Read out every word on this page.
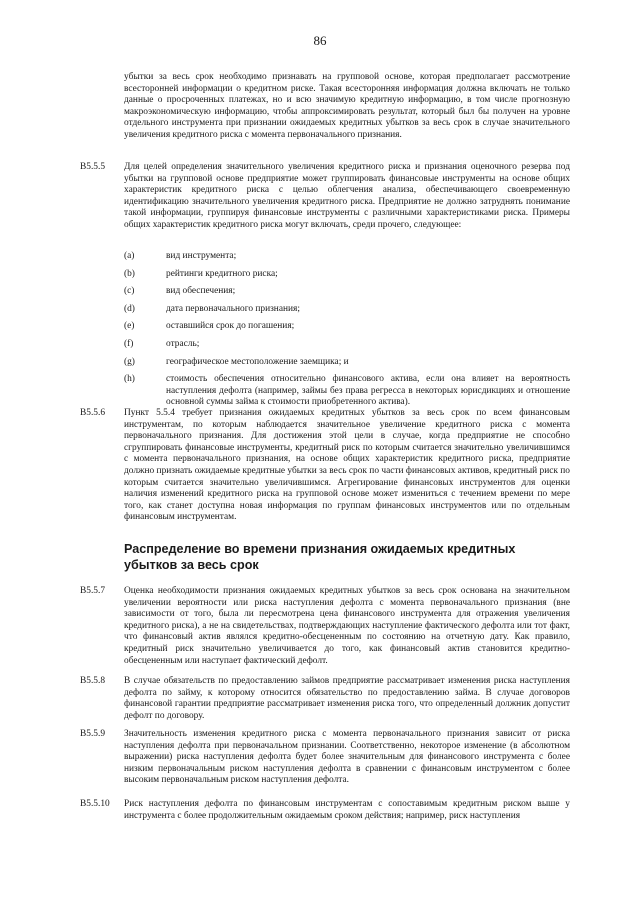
86

убытки за весь срок необходимо признавать на групповой основе, которая предполагает рассмотрение всесторонней информации о кредитном риске. Такая всесторонняя информация должна включать не только данные о просроченных платежах, но и всю значимую кредитную информацию, в том числе прогнозную макроэкономическую информацию, чтобы аппроксимировать результат, который был бы получен на уровне отдельного инструмента при признании ожидаемых кредитных убытков за весь срок в случае значительного увеличения кредитного риска с момента первоначального признания.

B5.5.5	Для целей определения значительного увеличения кредитного риска и признания оценочного резерва под убытки на групповой основе предприятие может группировать финансовые инструменты на основе общих характеристик кредитного риска с целью облегчения анализа, обеспечивающего своевременную идентификацию значительного увеличения кредитного риска. Предприятие не должно затруднять понимание такой информации, группируя финансовые инструменты с различными характеристиками риска. Примеры общих характеристик кредитного риска могут включать, среди прочего, следующее:

(a)	вид инструмента;
(b)	рейтинги кредитного риска;
(c)	вид обеспечения;
(d)	дата первоначального признания;
(e)	оставшийся срок до погашения;
(f)	отрасль;
(g)	географическое местоположение заемщика; и
(h)	стоимость обеспечения относительно финансового актива, если она влияет на вероятность наступления дефолта (например, займы без права регресса в некоторых юрисдикциях и отношение основной суммы займа к стоимости приобретенного актива).
B5.5.6	Пункт 5.5.4 требует признания ожидаемых кредитных убытков за весь срок по всем финансовым инструментам, по которым наблюдается значительное увеличение кредитного риска с момента первоначального признания. Для достижения этой цели в случае, когда предприятие не способно сгруппировать финансовые инструменты, кредитный риск по которым считается значительно увеличившимся с момента первоначального признания, на основе общих характеристик кредитного риска, предприятие должно признать ожидаемые кредитные убытки за весь срок по части финансовых активов, кредитный риск по которым считается значительно увеличившимся. Агрегирование финансовых инструментов для оценки наличия изменений кредитного риска на групповой основе может измениться с течением времени по мере того, как станет доступна новая информация по группам финансовых инструментов или по отдельным финансовым инструментам.

Распределение во времени признания ожидаемых кредитных убытков за весь срок
B5.5.7	Оценка необходимости признания ожидаемых кредитных убытков за весь срок основана на значительном увеличении вероятности или риска наступления дефолта с момента первоначального признания (вне зависимости от того, была ли пересмотрена цена финансового инструмента для отражения увеличения кредитного риска), а не на свидетельствах, подтверждающих наступление фактического дефолта или тот факт, что финансовый актив являлся кредитно-обесцененным по состоянию на отчетную дату. Как правило, кредитный риск значительно увеличивается до того, как финансовый актив становится кредитно-обесцененным или наступает фактический дефолт.

B5.5.8	В случае обязательств по предоставлению займов предприятие рассматривает изменения риска наступления дефолта по займу, к которому относится обязательство по предоставлению займа. В случае договоров финансовой гарантии предприятие рассматривает изменения риска того, что определенный должник допустит дефолт по договору.

B5.5.9	Значительность изменения кредитного риска с момента первоначального признания зависит от риска наступления дефолта при первоначальном признании. Соответственно, некоторое изменение (в абсолютном выражении) риска наступления дефолта будет более значительным для финансового инструмента с более низким первоначальным риском наступления дефолта в сравнении с финансовым инструментом с более высоким первоначальным риском наступления дефолта.

B5.5.10	Риск наступления дефолта по финансовым инструментам с сопоставимым кредитным риском выше у инструмента с более продолжительным ожидаемым сроком действия; например, риск наступления
